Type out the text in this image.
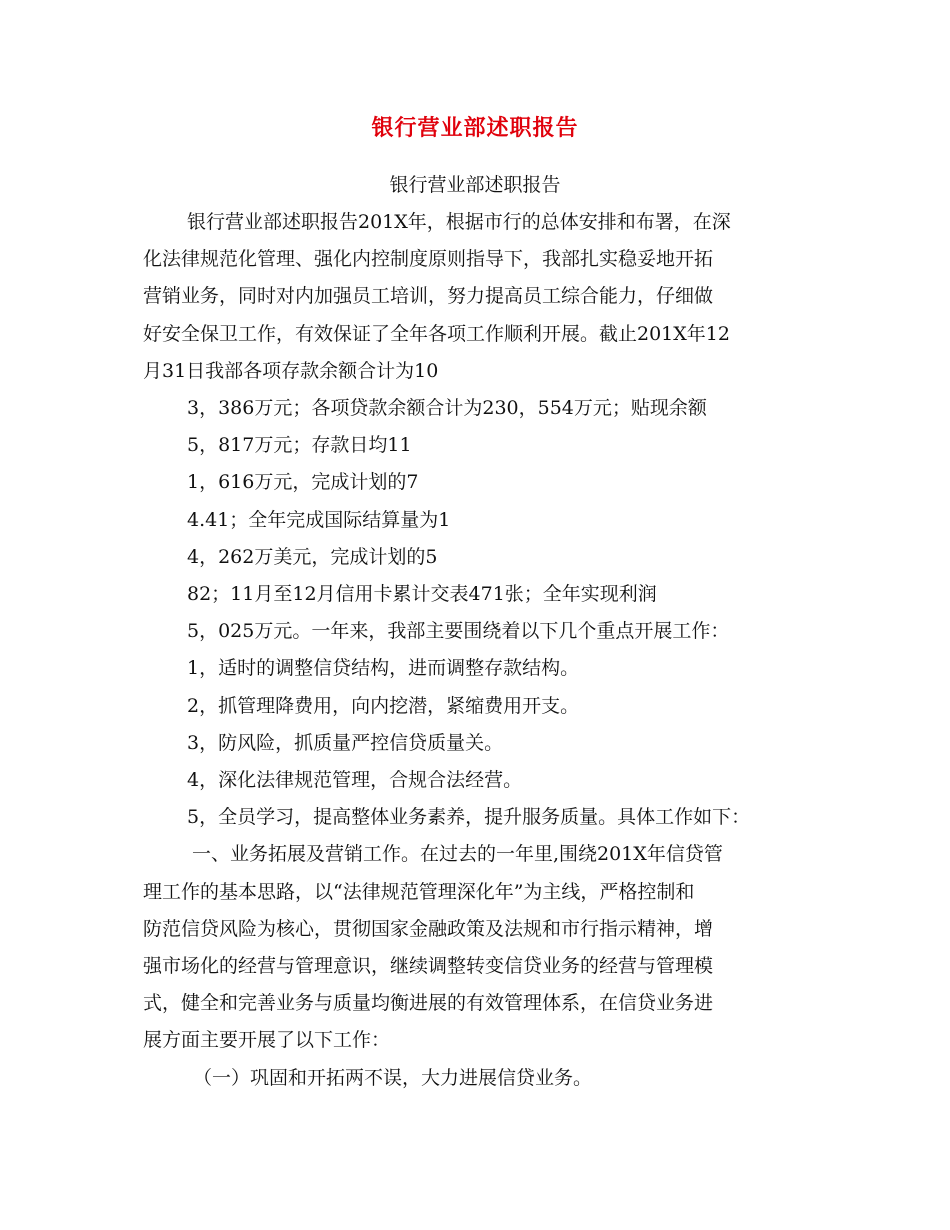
银行营业部述职报告
银行营业部述职报告

银行营业部述职报告201X年，根据市行的总体安排和布署，在深

化法律规范化管理、强化内控制度原则指导下，我部扎实稳妥地开拓

营销业务，同时对内加强员工培训，努力提高员工综合能力，仔细做

好安全保卫工作，有效保证了全年各项工作顺利开展。截止201X年12

月31日我部各项存款余额合计为10

3，386万元；各项贷款余额合计为230，554万元；贴现余额

5，817万元；存款日均11

1，616万元，完成计划的7

4.41；全年完成国际结算量为1

4，262万美元，完成计划的5

82；11月至12月信用卡累计交表471张；全年实现利润

5，025万元。一年来，我部主要围绕着以下几个重点开展工作：

1，适时的调整信贷结构，进而调整存款结构。

2，抓管理降费用，向内挖潜，紧缩费用开支。

3，防风险，抓质量严控信贷质量关。

4，深化法律规范管理，合规合法经营。

5，全员学习，提高整体业务素养，提升服务质量。具体工作如下：

一、业务拓展及营销工作。在过去的一年里,围绕201X年信贷管

理工作的基本思路，以“法律规范管理深化年”为主线，严格控制和

防范信贷风险为核心，贯彻国家金融政策及法规和市行指示精神，增

强市场化的经营与管理意识，继续调整转变信贷业务的经营与管理模

式，健全和完善业务与质量均衡进展的有效管理体系，在信贷业务进

展方面主要开展了以下工作：

（一）巩固和开拓两不误，大力进展信贷业务。
